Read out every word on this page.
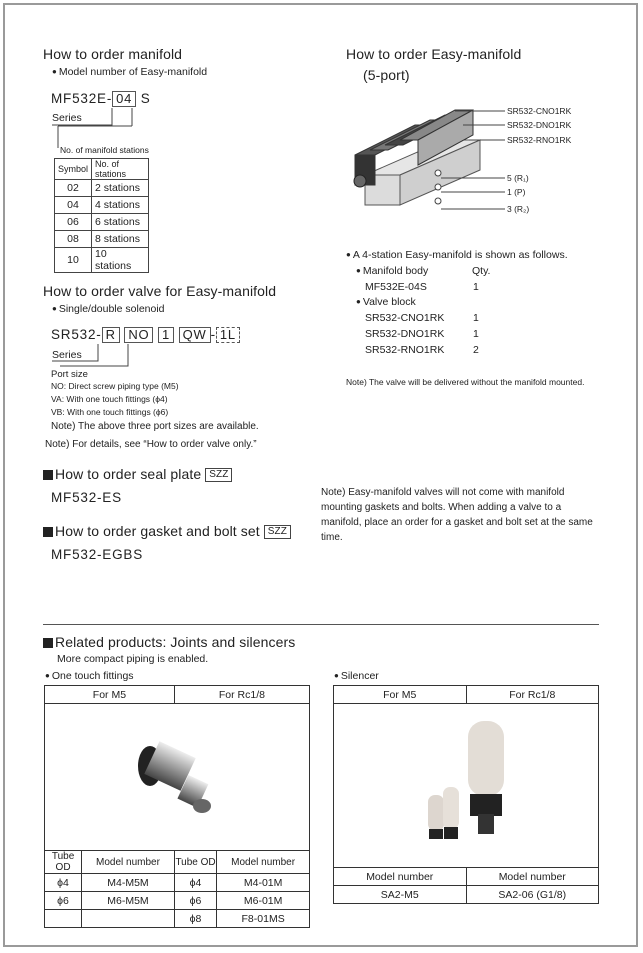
How to order manifold
● Model number of Easy-manifold
MF532E- 04 S
Series
No. of manifold stations
Symbol	No. of stations
02	2 stations
04	4 stations
06	6 stations
08	8 stations
10	10 stations
How to order valve for Easy-manifold
● Single/double solenoid
SR532- R NO 1 QW - 1L
Series
Port size
NO: Direct screw piping type (M5)
VA: With one touch fittings (ϕ4)
VB: With one touch fittings (ϕ6)
Note) The above three port sizes are available.
Note) For details, see “How to order valve only.”
How to order seal plate SZZ
MF532-ES
How to order gasket and bolt set SZZ
MF532-EGBS
How to order Easy-manifold
(5-port)
SR532-CNO1RK
SR532-DNO1RK
SR532-RNO1RK
5 (R₁)
1 (P)
3 (R₂)
● A 4-station Easy-manifold is shown as follows.
● Manifold body	Qty.
MF532E-04S	1
● Valve block
SR532-CNO1RK	1
SR532-DNO1RK	1
SR532-RNO1RK	2
Note) The valve will be delivered without the manifold mounted.
Note) Easy-manifold valves will not come with manifold mounting gaskets and bolts. When adding a valve to a manifold, place an order for a gasket and bolt set at the same time.
Related products: Joints and silencers
More compact piping is enabled.
● One touch fittings
For M5		For Rc1/8	

Tube OD	Model number	Tube OD	Model number
ϕ4	M4-M5M	ϕ4	M4-01M
ϕ6	M6-M5M	ϕ6	M6-01M
		ϕ8	F8-01MS
● Silencer
For M5	For Rc1/8

Model number	Model number
SA2-M5	SA2-06 (G1/8)
